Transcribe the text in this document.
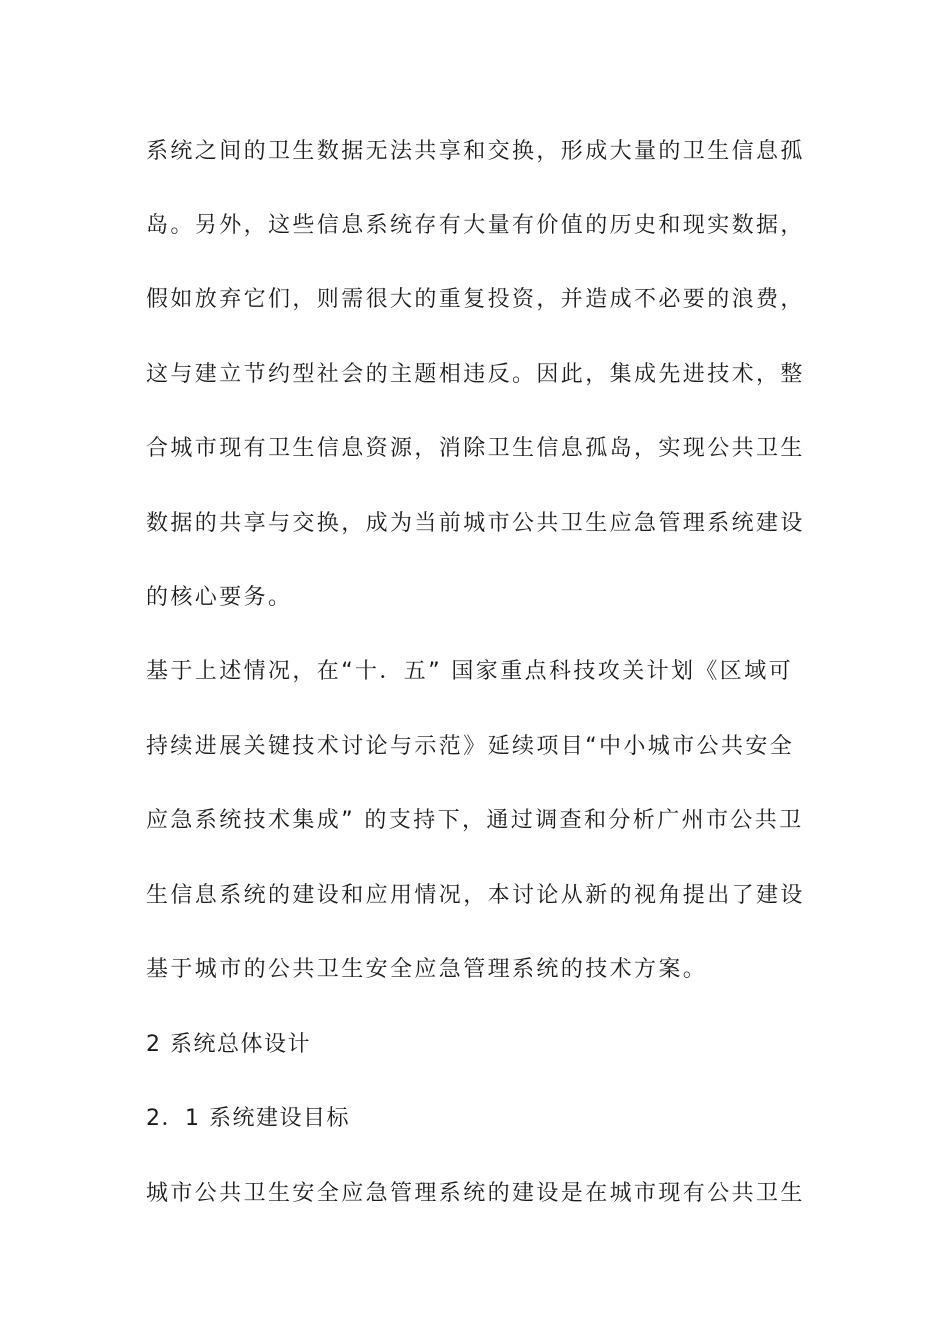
系统之间的卫生数据无法共享和交换，形成大量的卫生信息孤
岛。另外，这些信息系统存有大量有价值的历史和现实数据，
假如放弃它们，则需很大的重复投资，并造成不必要的浪费，
这与建立节约型社会的主题相违反。因此，集成先进技术，整
合城市现有卫生信息资源，消除卫生信息孤岛，实现公共卫生
数据的共享与交换，成为当前城市公共卫生应急管理系统建设
的核心要务。
基于上述情况，在“十．五” 国家重点科技攻关计划《区域可
持续进展关键技术讨论与示范》延续项目“中小城市公共安全
应急系统技术集成” 的支持下，通过调查和分析广州市公共卫
生信息系统的建设和应用情况，本讨论从新的视角提出了建设
基于城市的公共卫生安全应急管理系统的技术方案。
2 系统总体设计
2．1 系统建设目标
城市公共卫生安全应急管理系统的建设是在城市现有公共卫生
